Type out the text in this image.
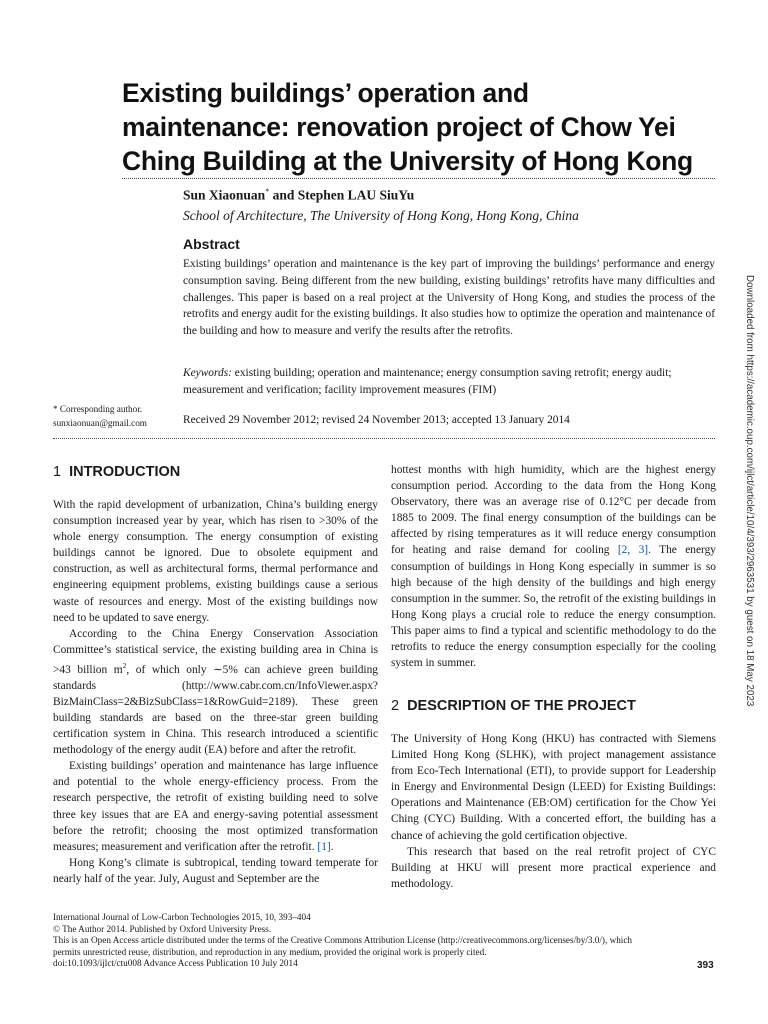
Existing buildings’ operation and
maintenance: renovation project of Chow Yei
Ching Building at the University of Hong Kong
Sun Xiaonuan* and Stephen LAU SiuYu
School of Architecture, The University of Hong Kong, Hong Kong, China
Abstract
Existing buildings’ operation and maintenance is the key part of improving the buildings’ performance and energy consumption saving. Being different from the new building, existing buildings’ retrofits have many difficulties and challenges. This paper is based on a real project at the University of Hong Kong, and studies the process of the retrofits and energy audit for the existing buildings. It also studies how to optimize the operation and maintenance of the building and how to measure and verify the results after the retrofits.
Keywords: existing building; operation and maintenance; energy consumption saving retrofit; energy audit; measurement and verification; facility improvement measures (FIM)
Received 29 November 2012; revised 24 November 2013; accepted 13 January 2014
* Corresponding author.
sunxiaonuan@gmail.com	Downloaded from https://academic.oup.com/ijlct/article/10/4/393/2963531 by guest on 18 May 2023
1 INTRODUCTION

With the rapid development of urbanization, China’s building energy consumption increased year by year, which has risen to >30% of the whole energy consumption. The energy consumption of existing buildings cannot be ignored. Due to obsolete equipment and construction, as well as architectural forms, thermal performance and engineering equipment problems, existing buildings cause a serious waste of resources and energy. Most of the existing buildings now need to be updated to save energy.

According to the China Energy Conservation Association Committee’s statistical service, the existing building area in China is >43 billion $m^2$, of which only ∼5% can achieve green building standards (http://www.cabr.com.cn/InfoViewer.aspx?BizMainClass=2&BizSubClass=1&RowGuid=2189). These green building standards are based on the three-star green building certification system in China. This research introduced a scientific methodology of the energy audit (EA) before and after the retrofit.

Existing buildings’ operation and maintenance has large influence and potential to the whole energy-efficiency process. From the research perspective, the retrofit of existing building need to solve three key issues that are EA and energy-saving potential assessment before the retrofit; choosing the most optimized transformation measures; measurement and verification after the retrofit. [1].

Hong Kong’s climate is subtropical, tending toward temperate for nearly half of the year. July, August and September are the

hottest months with high humidity, which are the highest energy consumption period. According to the data from the Hong Kong Observatory, there was an average rise of 0.12°C per decade from 1885 to 2009. The final energy consumption of the buildings can be affected by rising temperatures as it will reduce energy consumption for heating and raise demand for cooling [2, 3]. The energy consumption of buildings in Hong Kong especially in summer is so high because of the high density of the buildings and high energy consumption in the summer. So, the retrofit of the existing buildings in Hong Kong plays a crucial role to reduce the energy consumption. This paper aims to find a typical and scientific methodology to do the retrofits to reduce the energy consumption especially for the cooling system in summer.

2 DESCRIPTION OF THE PROJECT

The University of Hong Kong (HKU) has contracted with Siemens Limited Hong Kong (SLHK), with project management assistance from Eco-Tech International (ETI), to provide support for Leadership in Energy and Environmental Design (LEED) for Existing Buildings: Operations and Maintenance (EB:OM) certification for the Chow Yei Ching (CYC) Building. With a concerted effort, the building has a chance of achieving the gold certification objective.

This research that based on the real retrofit project of CYC Building at HKU will present more practical experience and methodology.

International Journal of Low-Carbon Technologies 2015, 10, 393–404
© The Author 2014. Published by Oxford University Press.
This is an Open Access article distributed under the terms of the Creative Commons Attribution License (http://creativecommons.org/licenses/by/3.0/), which
permits unrestricted reuse, distribution, and reproduction in any medium, provided the original work is properly cited.
doi:10.1093/ijlct/ctu008 Advance Access Publication 10 July 2014	393
